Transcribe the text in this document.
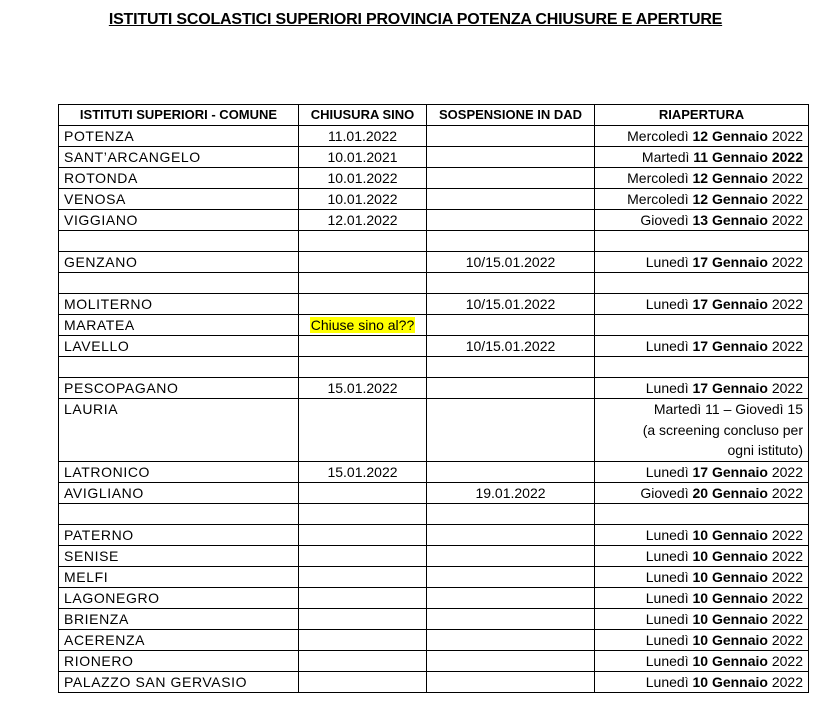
ISTITUTI SCOLASTICI SUPERIORI PROVINCIA POTENZA CHIUSURE E APERTURE
ISTITUTI SUPERIORI - COMUNE	CHIUSURA SINO	SOSPENSIONE IN DAD	RIAPERTURA
POTENZA	11.01.2022		Mercoledì 12 Gennaio 2022
SANT’ARCANGELO	10.01.2021		Martedì 11 Gennaio 2022
ROTONDA	10.01.2022		Mercoledì 12 Gennaio 2022
VENOSA	10.01.2022		Mercoledì 12 Gennaio 2022
VIGGIANO	12.01.2022		Giovedì 13 Gennaio 2022

GENZANO		10/15.01.2022	Lunedì 17 Gennaio 2022

MOLITERNO		10/15.01.2022	Lunedì 17 Gennaio 2022
MARATEA	Chiuse sino al??		
LAVELLO		10/15.01.2022	Lunedì 17 Gennaio 2022

PESCOPAGANO	15.01.2022		Lunedì 17 Gennaio 2022
LAURIA			Martedì 11 – Giovedì 15
(a screening concluso per
ogni istituto)

LATRONICO	15.01.2022		Lunedì 17 Gennaio 2022
AVIGLIANO		19.01.2022	Giovedì 20 Gennaio 2022

PATERNO			Lunedì 10 Gennaio 2022
SENISE			Lunedì 10 Gennaio 2022
MELFI			Lunedì 10 Gennaio 2022
LAGONEGRO			Lunedì 10 Gennaio 2022
BRIENZA			Lunedì 10 Gennaio 2022
ACERENZA			Lunedì 10 Gennaio 2022
RIONERO			Lunedì 10 Gennaio 2022
PALAZZO SAN GERVASIO			Lunedì 10 Gennaio 2022
